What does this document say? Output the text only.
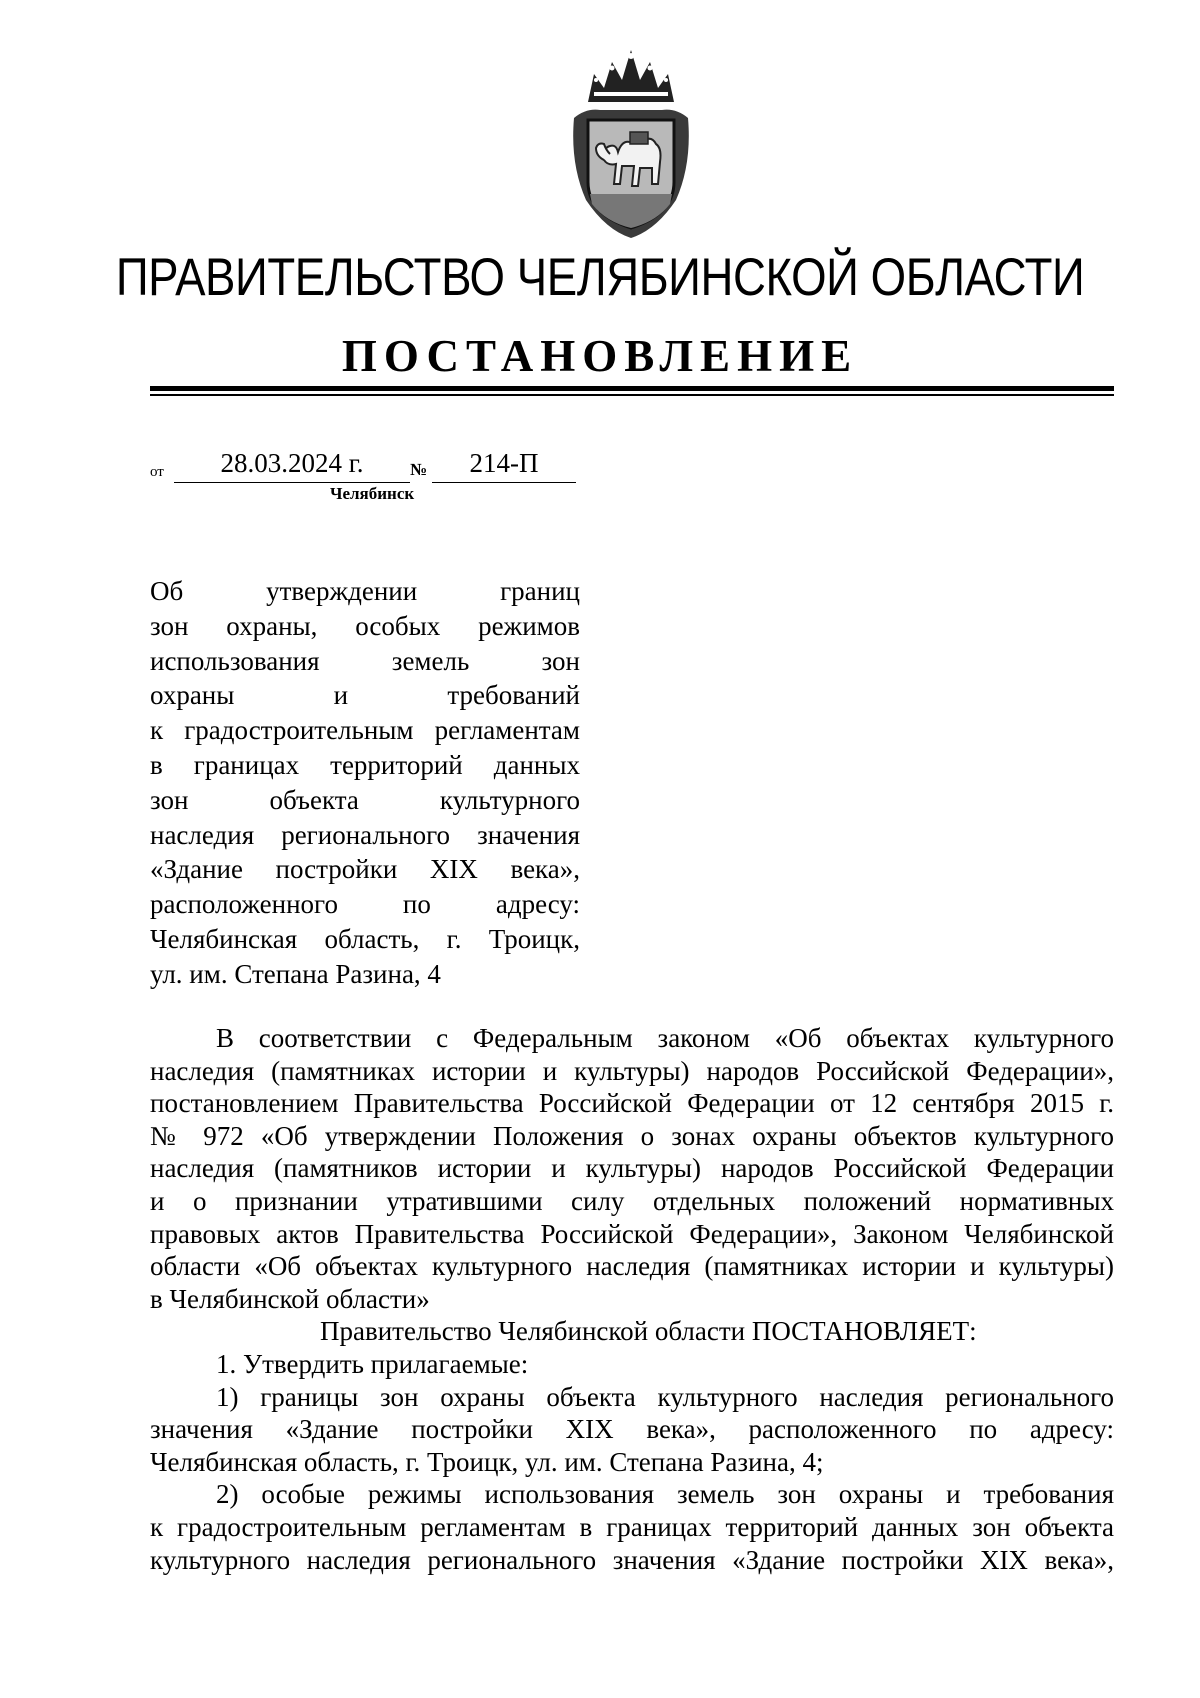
ПРАВИТЕЛЬСТВО ЧЕЛЯБИНСКОЙ ОБЛАСТИ
ПОСТАНОВЛЕНИЕ
от	28.03.2024 г.	№	214-П
Челябинск
Об утверждении границ
зон охраны, особых режимов
использования земель зон
охраны и требований
к градостроительным регламентам
в границах территорий данных
зон объекта культурного
наследия регионального значения
«Здание постройки XIX века»,
расположенного по адресу:
Челябинская область, г. Троицк,
ул. им. Степана Разина, 4
В соответствии с Федеральным законом «Об объектах культурного
наследия (памятниках истории и культуры) народов Российской Федерации»,
постановлением Правительства Российской Федерации от 12 сентября 2015 г.
№ 972 «Об утверждении Положения о зонах охраны объектов культурного
наследия (памятников истории и культуры) народов Российской Федерации
и о признании утратившими силу отдельных положений нормативных
правовых актов Правительства Российской Федерации», Законом Челябинской
области «Об объектах культурного наследия (памятниках истории и культуры)
в Челябинской области»
Правительство Челябинской области ПОСТАНОВЛЯЕТ:
1. Утвердить прилагаемые:
1) границы зон охраны объекта культурного наследия регионального
значения «Здание постройки XIX века», расположенного по адресу:
Челябинская область, г. Троицк, ул. им. Степана Разина, 4;
2) особые режимы использования земель зон охраны и требования
к градостроительным регламентам в границах территорий данных зон объекта
культурного наследия регионального значения «Здание постройки XIX века»,
